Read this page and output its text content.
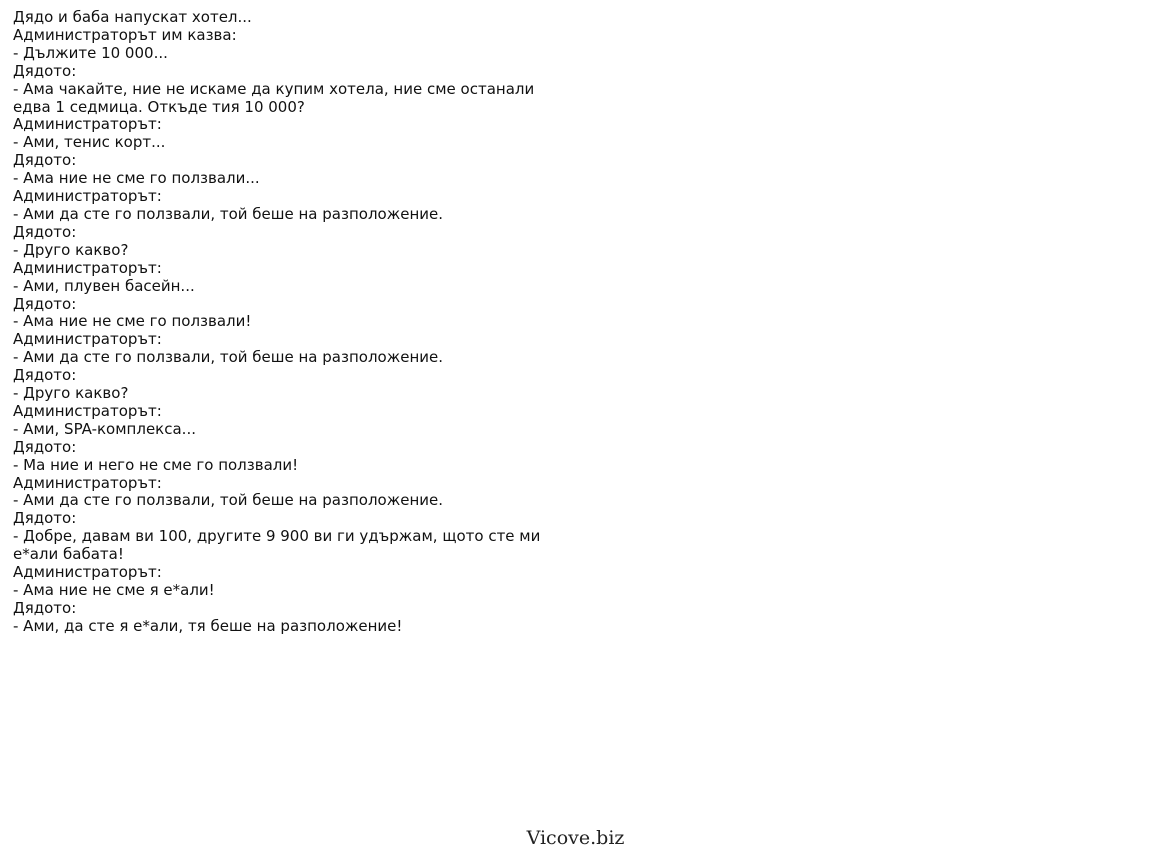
Дядо и баба напускат хотел...
Администраторът им казва:
- Дължите 10 000...
Дядото:
- Ама чакайте, ние не искаме да купим хотела, ние сме останали
едва 1 седмица. Откъде тия 10 000?
Администраторът:
- Ами, тенис корт...
Дядото:
- Ама ние не сме го ползвали...
Администраторът:
- Ами да сте го ползвали, той беше на разположение.
Дядото:
- Друго какво?
Администраторът:
- Ами, плувен басейн...
Дядото:
- Ама ние не сме го ползвали!
Администраторът:
- Ами да сте го ползвали, той беше на разположение.
Дядото:
- Друго какво?
Администраторът:
- Ами, SPA-комплекса...
Дядото:
- Ма ние и него не сме го ползвали!
Администраторът:
- Ами да сте го ползвали, той беше на разположение.
Дядото:
- Добре, давам ви 100, другите 9 900 ви ги удържам, щото сте ми
е*али бабата!
Администраторът:
- Ама ние не сме я е*али!
Дядото:
- Ами, да сте я е*али, тя беше на разположение!
Vicove.biz
